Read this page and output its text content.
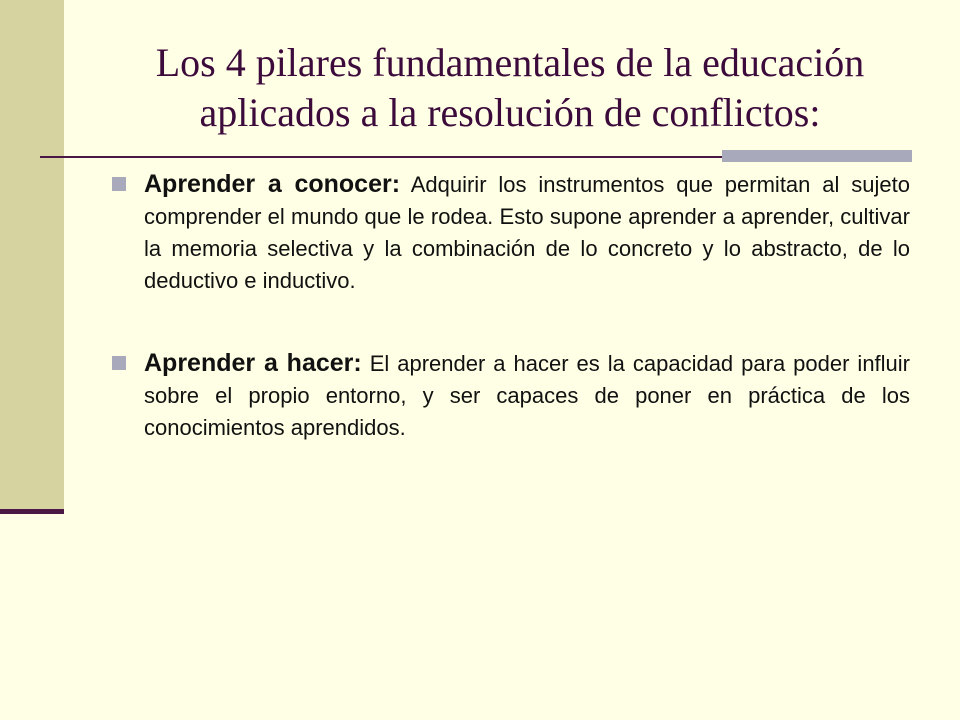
Los 4 pilares fundamentales de la educación
aplicados a la resolución de conflictos:
Aprender a conocer: Adquirir los instrumentos que permitan al sujeto comprender el mundo que le rodea. Esto supone aprender a aprender, cultivar la memoria selectiva y la combinación de lo concreto y lo abstracto, de lo deductivo e inductivo.
Aprender a hacer: El aprender a hacer es la capacidad para poder influir sobre el propio entorno, y ser capaces de poner en práctica de los conocimientos aprendidos.
